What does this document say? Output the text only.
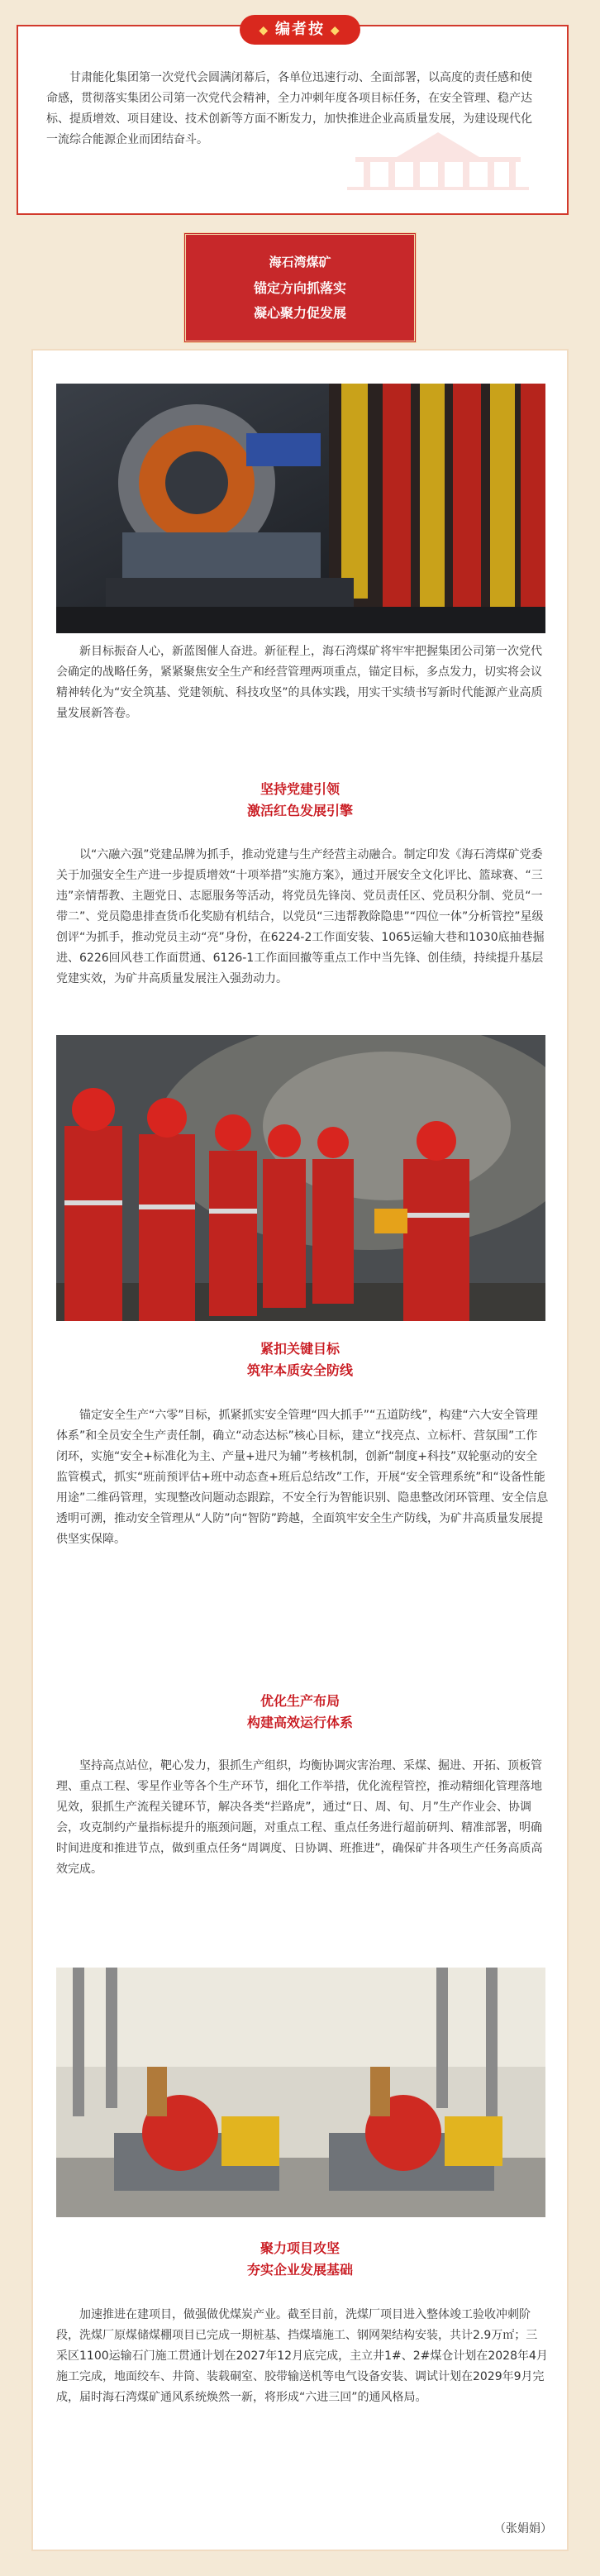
◆ 编者按 ◆

甘肃能化集团第一次党代会圆满闭幕后，各单位迅速行动、全面部署，以高度的责任感和使命感，贯彻落实集团公司第一次党代会精神，全力冲刺年度各项目标任务，在安全管理、稳产达标、提质增效、项目建设、技术创新等方面不断发力，加快推进企业高质量发展，为建设现代化一流综合能源企业而团结奋斗。

海石湾煤矿
锚定方向抓落实
凝心聚力促发展

新目标振奋人心，新蓝图催人奋进。新征程上，海石湾煤矿将牢牢把握集团公司第一次党代会确定的战略任务，紧紧聚焦安全生产和经营管理两项重点，锚定目标，多点发力，切实将会议精神转化为“安全筑基、党建领航、科技攻坚”的具体实践，用实干实绩书写新时代能源产业高质量发展新答卷。

坚持党建引领
激活红色发展引擎

以“六融六强”党建品牌为抓手，推动党建与生产经营主动融合。制定印发《海石湾煤矿党委关于加强安全生产进一步提质增效“十项举措”实施方案》，通过开展安全文化评比、篮球赛、“三违”亲情帮教、主题党日、志愿服务等活动，将党员先锋岗、党员责任区、党员积分制、党员“一带二”、党员隐患排查货币化奖励有机结合，以党员“三违帮教除隐患”“四位一体”分析管控”星级创评“为抓手，推动党员主动“亮”身份，在6224-2工作面安装、1065运输大巷和1030底抽巷掘进、6226回风巷工作面贯通、6126-1工作面回撤等重点工作中当先锋、创佳绩，持续提升基层党建实效，为矿井高质量发展注入强劲动力。

紧扣关键目标
筑牢本质安全防线

锚定安全生产“六零”目标，抓紧抓实安全管理“四大抓手”“五道防线”，构建“六大安全管理体系”和全员安全生产责任制，确立“动态达标”核心目标，建立“找亮点、立标杆、营氛围”工作闭环，实施“安全+标准化为主、产量+进尺为辅”考核机制，创新“制度+科技”双轮驱动的安全监管模式，抓实“班前预评估+班中动态查+班后总结改”工作，开展“安全管理系统”和“设备性能用途”二维码管理，实现整改问题动态跟踪，不安全行为智能识别、隐患整改闭环管理、安全信息透明可溯，推动安全管理从“人防”向“智防”跨越，全面筑牢安全生产防线，为矿井高质量发展提供坚实保障。

优化生产布局
构建高效运行体系

坚持高点站位，靶心发力，狠抓生产组织，均衡协调灾害治理、采煤、掘进、开拓、顶板管理、重点工程、零星作业等各个生产环节，细化工作举措，优化流程管控，推动精细化管理落地见效，狠抓生产流程关键环节，解决各类“拦路虎”，通过“日、周、旬、月”生产作业会、协调会，攻克制约产量指标提升的瓶颈问题，对重点工程、重点任务进行超前研判、精准部署，明确时间进度和推进节点，做到重点任务“周调度、日协调、班推进”，确保矿井各项生产任务高质高效完成。

聚力项目攻坚
夯实企业发展基础

加速推进在建项目，做强做优煤炭产业。截至目前，洗煤厂项目进入整体竣工验收冲刺阶段，洗煤厂原煤储煤棚项目已完成一期桩基、挡煤墙施工、钢网架结构安装，共计2.9万㎡；三采区1100运输石门施工贯通计划在2027年12月底完成，主立井1#、2#煤仓计划在2028年4月施工完成，地面绞车、井筒、装载硐室、胶带输送机等电气设备安装、调试计划在2029年9月完成，届时海石湾煤矿通风系统焕然一新，将形成“六进三回”的通风格局。

（张娟娟）
